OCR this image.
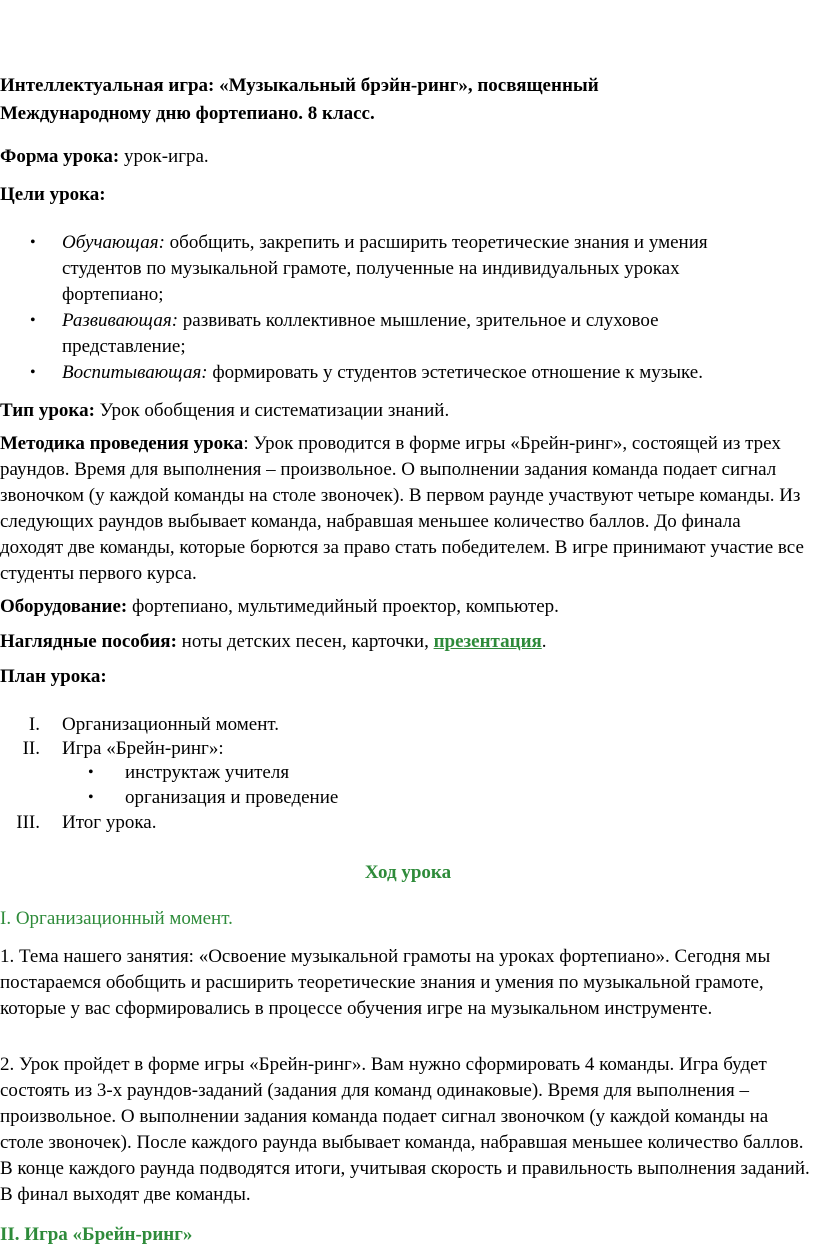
Интеллектуальная игра: «Музыкальный брэйн-ринг», посвященный
Международному дню фортепиано. 8 класс.
Форма урока: урок-игра.
Цели урока:
• Обучающая: обобщить, закрепить и расширить теоретические знания и умения студентов по музыкальной грамоте, полученные на индивидуальных уроках фортепиано;
• Развивающая: развивать коллективное мышление, зрительное и слуховое представление;
• Воспитывающая: формировать у студентов эстетическое отношение к музыке.
Тип урока: Урок обобщения и систематизации знаний.
Методика проведения урока: Урок проводится в форме игры «Брейн-ринг», состоящей из трех раундов. Время для выполнения – произвольное. О выполнении задания команда подает сигнал звоночком (у каждой команды на столе звоночек). В первом раунде участвуют четыре команды. Из следующих раундов выбывает команда, набравшая меньшее количество баллов. До финала доходят две команды, которые борются за право стать победителем. В игре принимают участие все студенты первого курса.
Оборудование: фортепиано, мультимедийный проектор, компьютер.
Наглядные пособия: ноты детских песен, карточки, презентация.
План урока:
I. Организационный момент.
II. Игра «Брейн-ринг»:
• инструктаж учителя
• организация и проведение
III. Итог урока.
Ход урока
I. Организационный момент.
1. Тема нашего занятия: «Освоение музыкальной грамоты на уроках фортепиано». Сегодня мы постараемся обобщить и расширить теоретические знания и умения по музыкальной грамоте, которые у вас сформировались в процессе обучения игре на музыкальном инструменте.
2. Урок пройдет в форме игры «Брейн-ринг». Вам нужно сформировать 4 команды. Игра будет состоять из 3-х раундов-заданий (задания для команд одинаковые). Время для выполнения – произвольное. О выполнении задания команда подает сигнал звоночком (у каждой команды на столе звоночек). После каждого раунда выбывает команда, набравшая меньшее количество баллов. В конце каждого раунда подводятся итоги, учитывая скорость и правильность выполнения заданий. В финал выходят две команды.
II. Игра «Брейн-ринг»
